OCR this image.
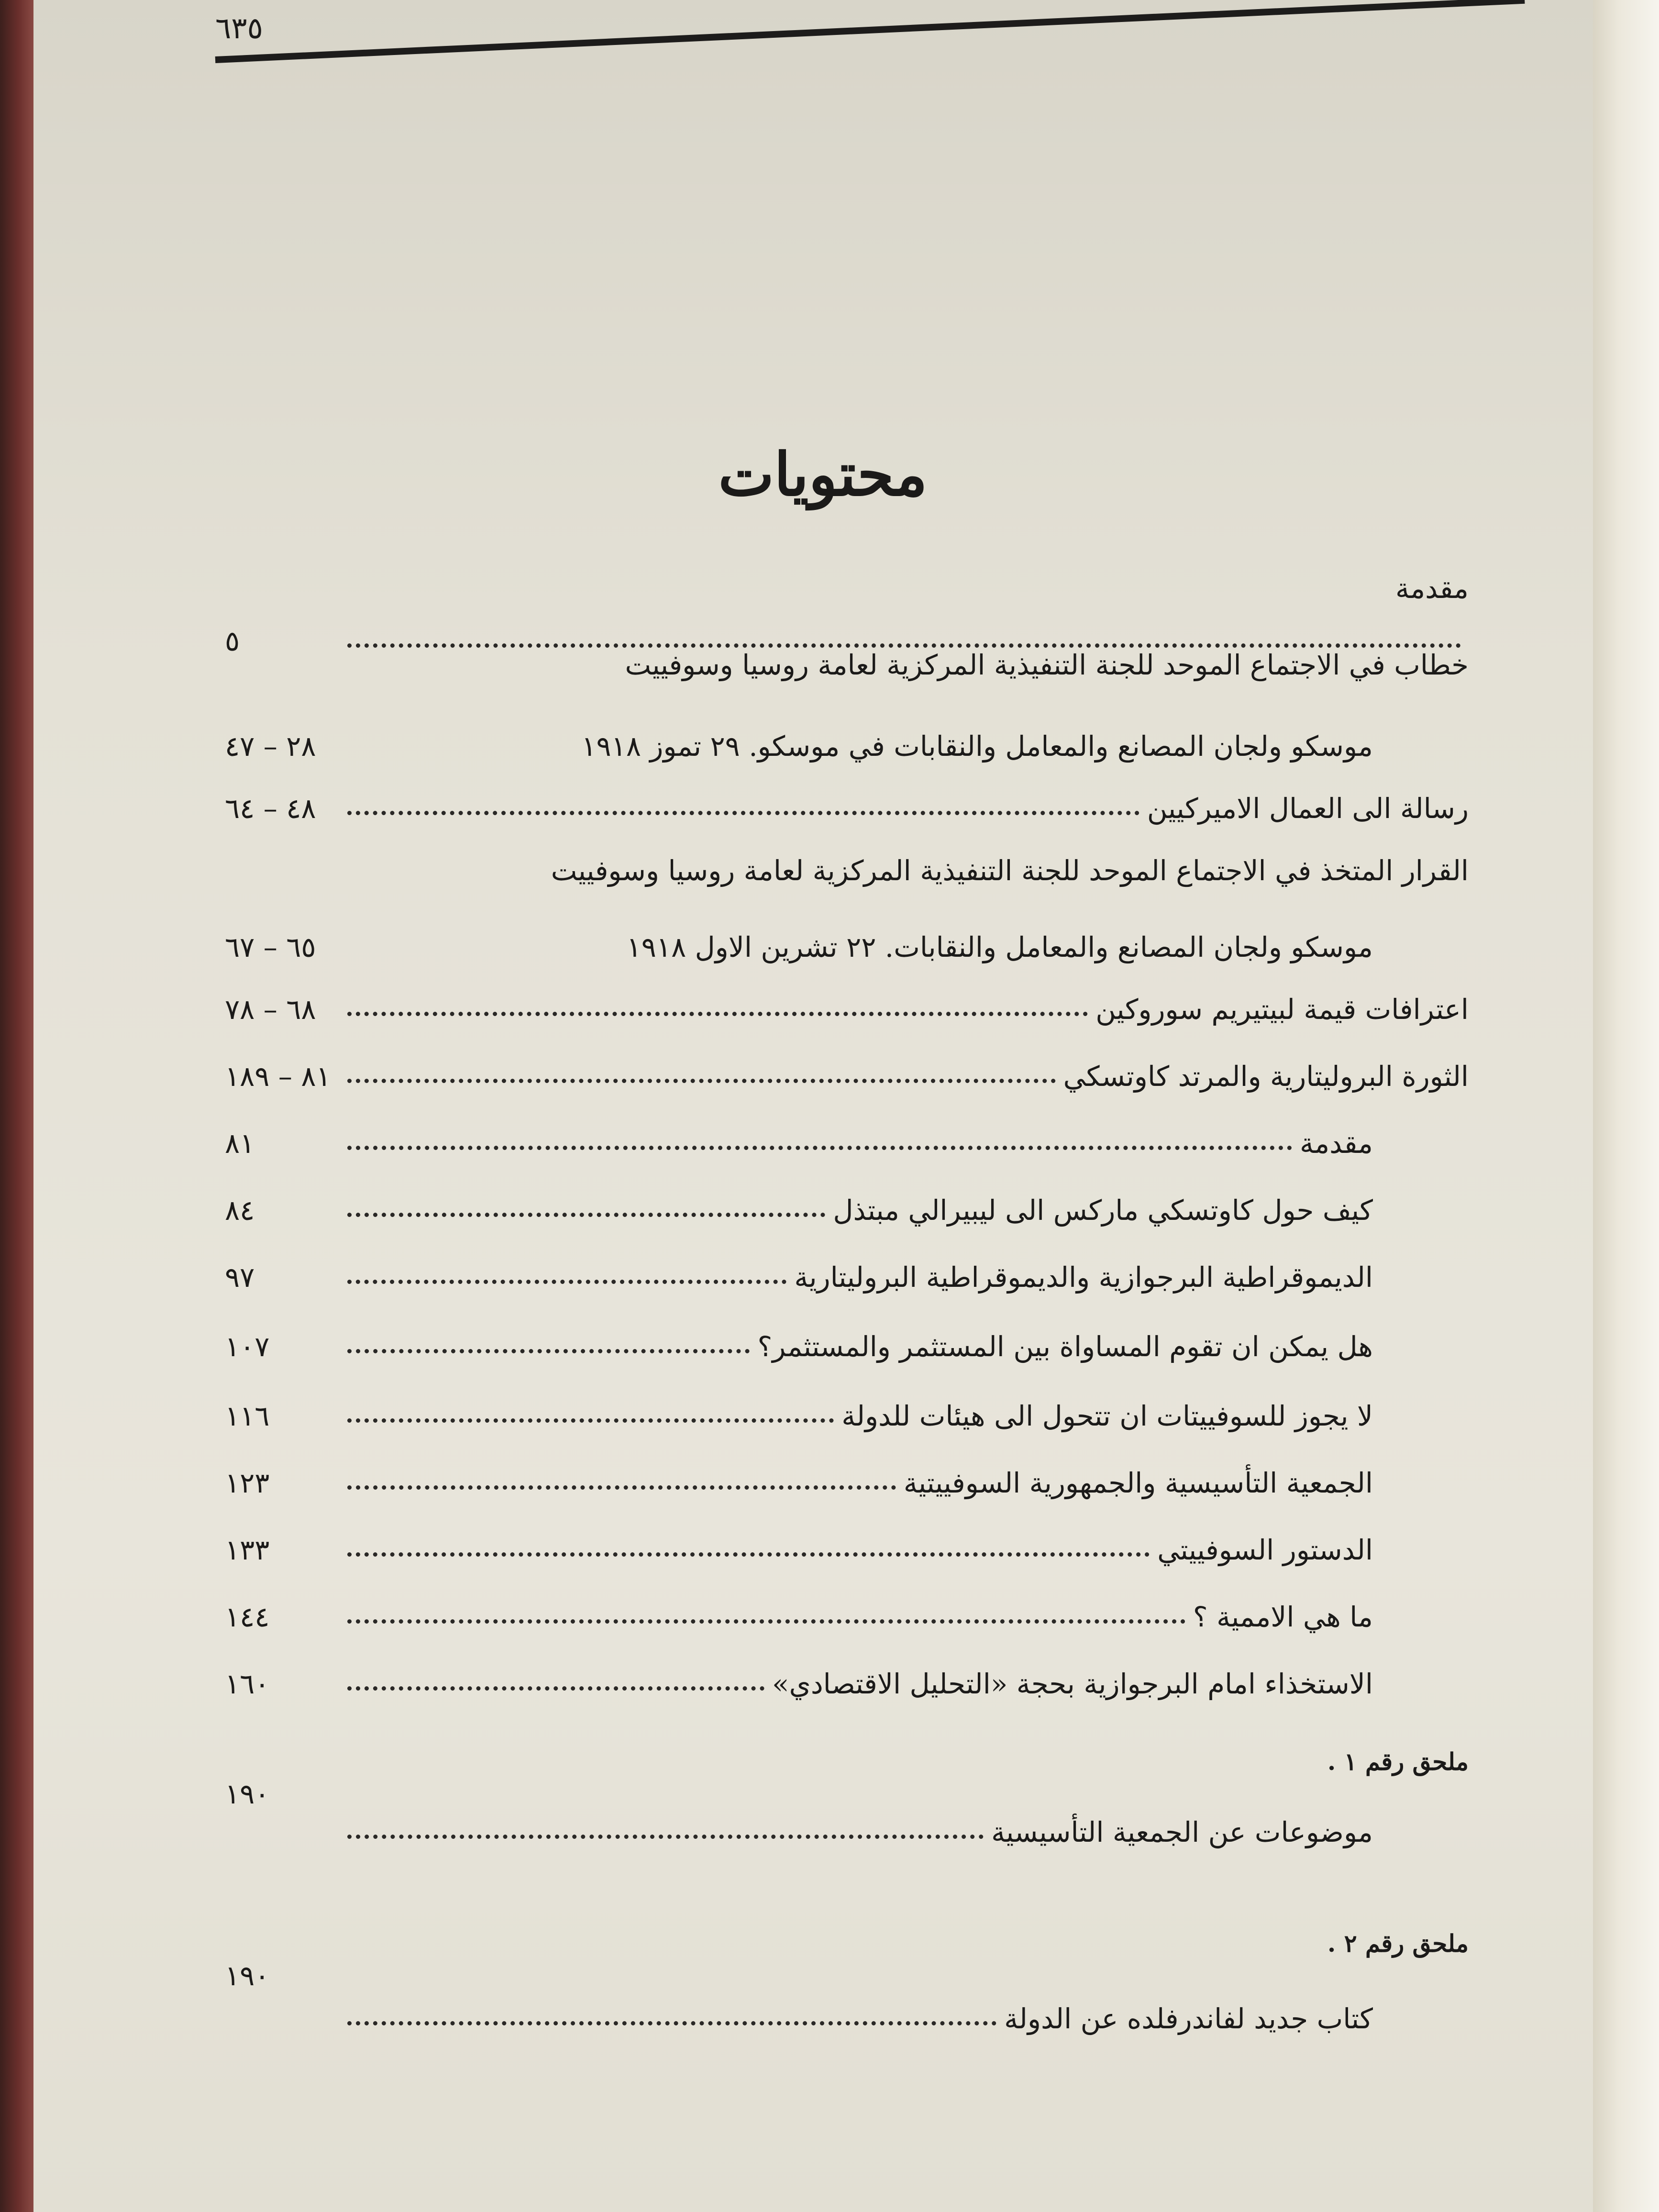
٦٣٥
محتويات
مقدمة
٥
خطاب في الاجتماع الموحد للجنة التنفيذية المركزية لعامة روسيا وسوفييت
موسكو ولجان المصانع والمعامل والنقابات في موسكو. ٢٩ تموز ١٩١٨
٢٨ – ٤٧
رسالة الى العمال الاميركيين
٤٨ – ٦٤
القرار المتخذ في الاجتماع الموحد للجنة التنفيذية المركزية لعامة روسيا وسوفييت
موسكو ولجان المصانع والمعامل والنقابات. ٢٢ تشرين الاول ١٩١٨
٦٥ – ٦٧
اعترافات قيمة لبيتيريم سوروكين
٦٨ – ٧٨
الثورة البروليتارية والمرتد كاوتسكي
٨١ – ١٨٩
مقدمة
٨١
كيف حول كاوتسكي ماركس الى ليبيرالي مبتذل
٨٤
الديموقراطية البرجوازية والديموقراطية البروليتارية
٩٧
هل يمكن ان تقوم المساواة بين المستثمر والمستثمر؟
١٠٧
لا يجوز للسوفييتات ان تتحول الى هيئات للدولة
١١٦
الجمعية التأسيسية والجمهورية السوفييتية
١٢٣
الدستور السوفييتي
١٣٣
ما هي الاممية ؟
١٤٤
الاستخذاء امام البرجوازية بحجة «التحليل الاقتصادي»
١٦٠
ملحق رقم ١ .
١٩٠
موضوعات عن الجمعية التأسيسية
ملحق رقم ٢ .
١٩٠
كتاب جديد لفاندرفلده عن الدولة
